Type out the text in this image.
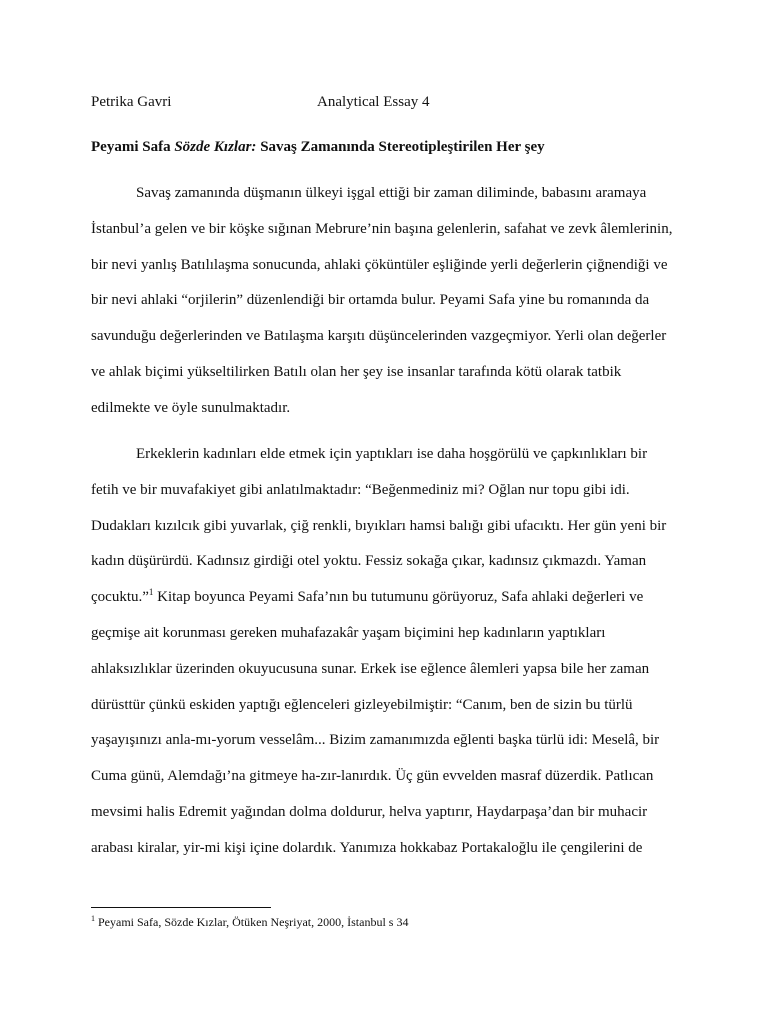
Petrika Gavri	Analytical Essay 4
Peyami Safa Sözde Kızlar: Savaş Zamanında Stereotipleştirilen Her şey
Savaş zamanında düşmanın ülkeyi işgal ettiği bir zaman diliminde, babasını aramaya
İstanbul’a gelen ve bir köşke sığınan Mebrure’nin başına gelenlerin, safahat ve zevk âlemlerinin,
bir nevi yanlış Batılılaşma sonucunda, ahlaki çöküntüler eşliğinde yerli değerlerin çiğnendiği ve
bir nevi ahlaki “orjilerin” düzenlendiği bir ortamda bulur. Peyami Safa yine bu romanında da
savunduğu değerlerinden ve Batılaşma karşıtı düşüncelerinden vazgeçmiyor. Yerli olan değerler
ve ahlak biçimi yükseltilirken Batılı olan her şey ise insanlar tarafında kötü olarak tatbik
edilmekte ve öyle sunulmaktadır.
Erkeklerin kadınları elde etmek için yaptıkları ise daha hoşgörülü ve çapkınlıkları bir
fetih ve bir muvafakiyet gibi anlatılmaktadır: “Beğenmediniz mi? Oğlan nur topu gibi idi.
Dudakları kızılcık gibi yuvarlak, çiğ renkli, bıyıkları hamsi balığı gibi ufacıktı. Her gün yeni bir
kadın düşürürdü. Kadınsız girdiği otel yoktu. Fessiz sokağa çıkar, kadınsız çıkmazdı. Yaman
çocuktu.”$^1$ Kitap boyunca Peyami Safa’nın bu tutumunu görüyoruz, Safa ahlaki değerleri ve
geçmişe ait korunması gereken muhafazakâr yaşam biçimini hep kadınların yaptıkları
ahlaksızlıklar üzerinden okuyucusuna sunar. Erkek ise eğlence âlemleri yapsa bile her zaman
dürüsttür çünkü eskiden yaptığı eğlenceleri gizleyebilmiştir: “Canım, ben de sizin bu türlü
yaşayışınızı anla-mı-yorum vesselâm... Bizim zamanımızda eğlenti başka türlü idi: Meselâ, bir
Cuma günü, Alemdağı’na gitmeye ha-zır-lanırdık. Üç gün evvelden masraf düzerdik. Patlıcan
mevsimi halis Edremit yağından dolma doldurur, helva yaptırır, Haydarpaşa’dan bir muhacir
arabası kiralar, yir-mi kişi içine dolardık. Yanımıza hokkabaz Portakaloğlu ile çengilerini de
$^1$ Peyami Safa, Sözde Kızlar, Ötüken Neşriyat, 2000, İstanbul s 34
